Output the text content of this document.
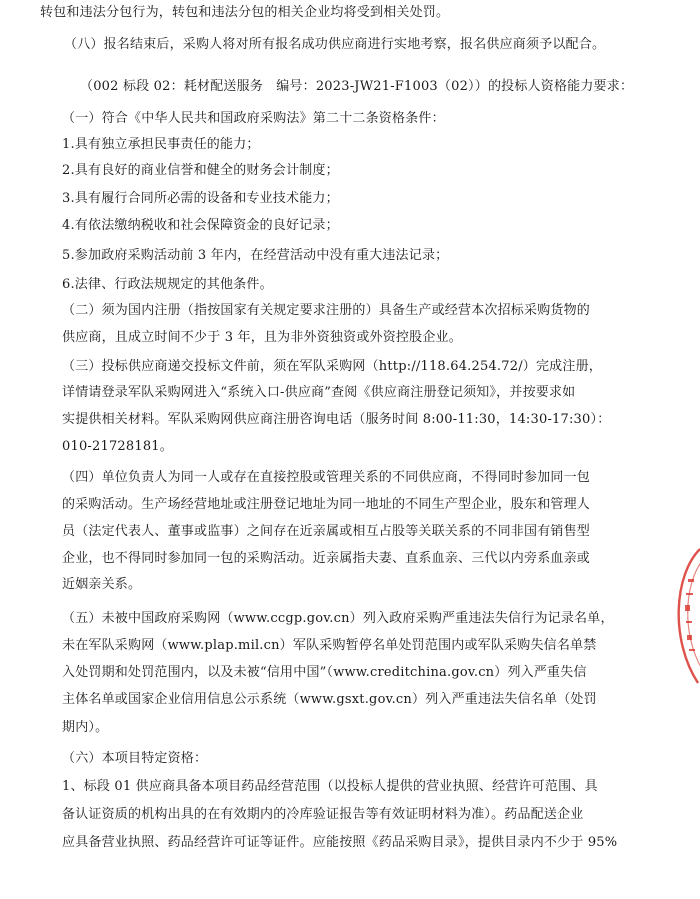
转包和违法分包行为，转包和违法分包的相关企业均将受到相关处罚。
（八）报名结束后，采购人将对所有报名成功供应商进行实地考察，报名供应商须予以配合。
（002 标段 02：耗材配送服务　编号：2023-JW21-F1003（02））的投标人资格能力要求：
（一）符合《中华人民共和国政府采购法》第二十二条资格条件：
1.具有独立承担民事责任的能力；
2.具有良好的商业信誉和健全的财务会计制度；
3.具有履行合同所必需的设备和专业技术能力；
4.有依法缴纳税收和社会保障资金的良好记录；
5.参加政府采购活动前 3 年内，在经营活动中没有重大违法记录；
6.法律、行政法规规定的其他条件。
（二）须为国内注册（指按国家有关规定要求注册的）具备生产或经营本次招标采购货物的
供应商，且成立时间不少于 3 年，且为非外资独资或外资控股企业。
（三）投标供应商递交投标文件前，须在军队采购网（http://118.64.254.72/）完成注册，
详情请登录军队采购网进入“系统入口-供应商”查阅《供应商注册登记须知》，并按要求如
实提供相关材料。军队采购网供应商注册咨询电话（服务时间 8:00-11:30，14:30-17:30）：
010-21728181。
（四）单位负责人为同一人或存在直接控股或管理关系的不同供应商，不得同时参加同一包
的采购活动。生产场经营地址或注册登记地址为同一地址的不同生产型企业，股东和管理人
员（法定代表人、董事或监事）之间存在近亲属或相互占股等关联关系的不同非国有销售型
企业，也不得同时参加同一包的采购活动。近亲属指夫妻、直系血亲、三代以内旁系血亲或
近姻亲关系。
（五）未被中国政府采购网（www.ccgp.gov.cn）列入政府采购严重违法失信行为记录名单，
未在军队采购网（www.plap.mil.cn）军队采购暂停名单处罚范围内或军队采购失信名单禁
入处罚期和处罚范围内，以及未被“信用中国”（www.creditchina.gov.cn）列入严重失信
主体名单或国家企业信用信息公示系统（www.gsxt.gov.cn）列入严重违法失信名单（处罚
期内）。
（六）本项目特定资格：
1、标段 01 供应商具备本项目药品经营范围（以投标人提供的营业执照、经营许可范围、具
备认证资质的机构出具的在有效期内的冷库验证报告等有效证明材料为准）。药品配送企业
应具备营业执照、药品经营许可证等证件。应能按照《药品采购目录》，提供目录内不少于 95%
